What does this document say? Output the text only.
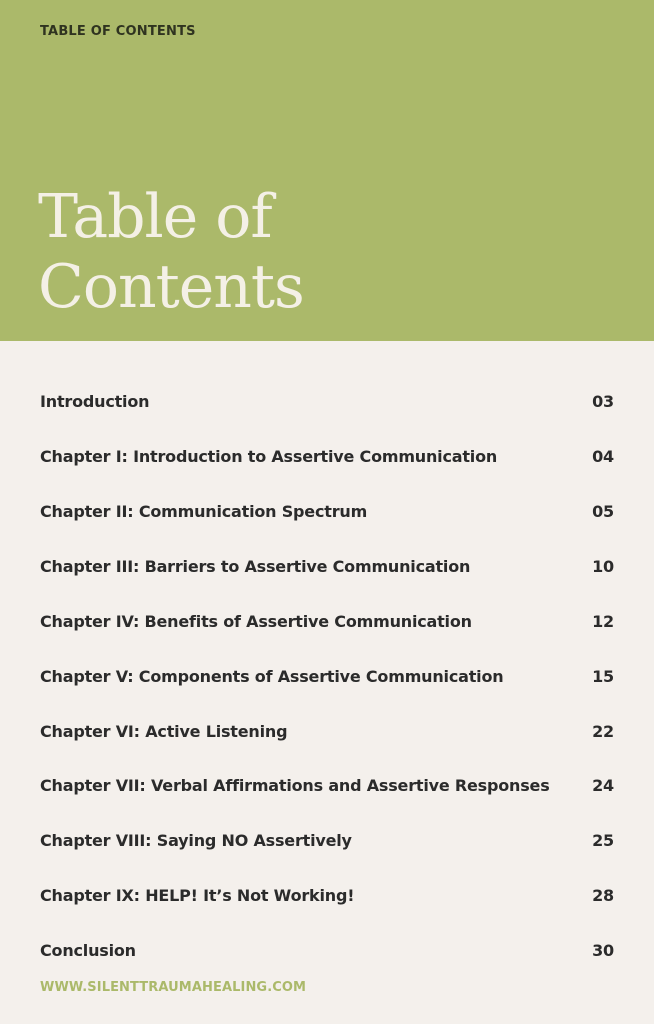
TABLE OF CONTENTS
Table of
Contents
Introduction	03
Chapter I: Introduction to Assertive Communication	04
Chapter II: Communication Spectrum	05
Chapter III: Barriers to Assertive Communication	10
Chapter IV: Benefits of Assertive Communication	12
Chapter V: Components of Assertive Communication	15
Chapter VI: Active Listening	22
Chapter VII: Verbal Affirmations and Assertive Responses	24
Chapter VIII: Saying NO Assertively	25
Chapter IX: HELP! It’s Not Working!	28
Conclusion	30
WWW.SILENTTRAUMAHEALING.COM
